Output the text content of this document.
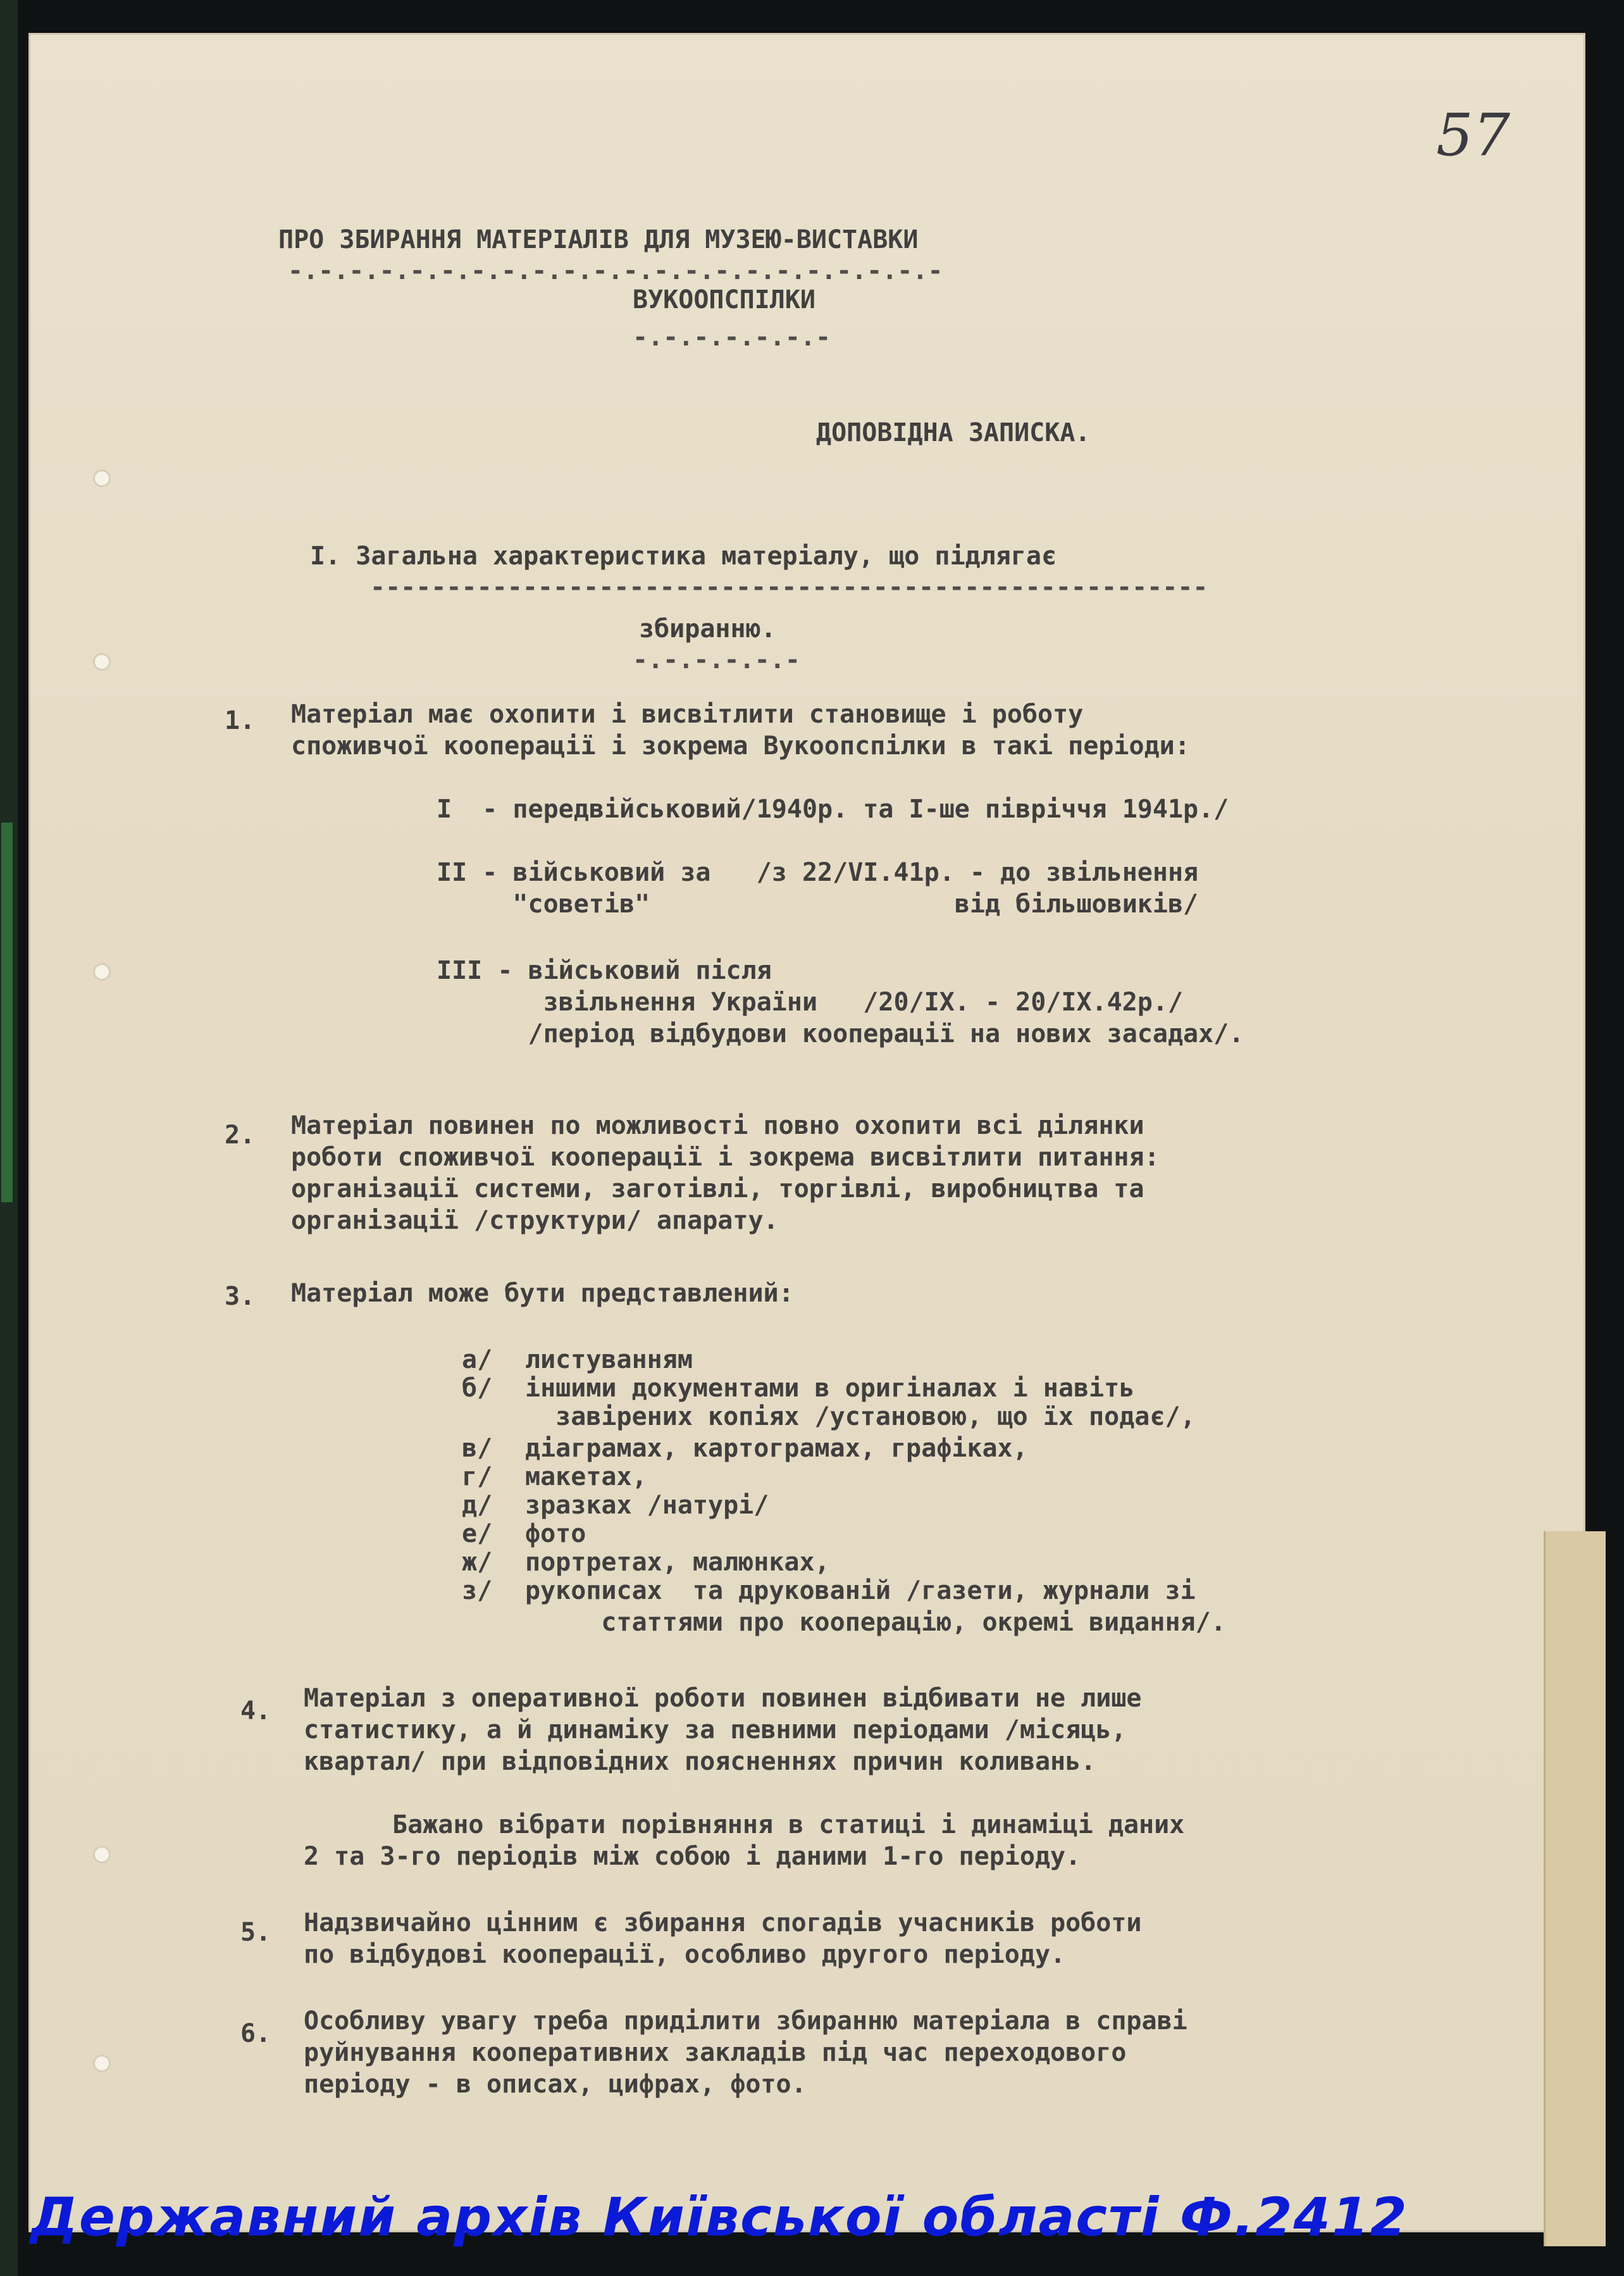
57
ПРО ЗБИРАННЯ МАТЕРІАЛІВ ДЛЯ МУЗЕЮ-ВИСТАВКИ
-.-.-.-.-.-.-.-.-.-.-.-.-.-.-.-.-.-.-.-.-.-
ВУКООПСПІЛКИ
-.-.-.-.-.-.-
ДОПОВІДНА ЗАПИСКА.
I. Загальна характеристика матеріалу, що підлягає
-------------------------------------------------------
збиранню.
-.-.-.-.-.-
1. Матеріал має охопити і висвітлити становище і роботу
споживчої кооперації і зокрема Вукоопспілки в такі періоди:
I  - передвійськовий/1940р. та I-ше півріччя 1941р./
II - військовий за   /з 22/VI.41р. - до звільнення
"советів"                    від більшовиків/
III - військовий після
звільнення України   /20/IX. - 20/IX.42р./
/період відбудови кооперації на нових засадах/.
2. Матеріал повинен по можливості повно охопити всі ділянки
роботи споживчої кооперації і зокрема висвітлити питання:
організації системи, заготівлі, торгівлі, виробництва та
організації /структури/ апарату.
3. Матеріал може бути представлений:
а/ листуванням
б/ іншими документами в оригіналах і навіть
завірених копіях /установою, що їх подає/,
в/ діаграмах, картограмах, графіках,
г/ макетах,
д/ зразках /натурі/
е/ фото
ж/ портретах, малюнках,
з/ рукописах  та друкованій /газети, журнали зі
статтями про кооперацію, окремі видання/.
4. Матеріал з оперативної роботи повинен відбивати не лише
статистику, а й динаміку за певними періодами /місяць,
квартал/ при відповідних поясненнях причин коливань.
Бажано вібрати порівняння в статиці і динаміці даних
2 та 3-го періодів між собою і даними 1-го періоду.
5. Надзвичайно цінним є збирання спогадів учасників роботи
по відбудові кооперації, особливо другого періоду.
6. Особливу увагу треба приділити збиранню матеріала в справі
руйнування кооперативних закладів під час переходового
періоду - в описах, цифрах, фото.
Державний архів Київської області Ф.2412
